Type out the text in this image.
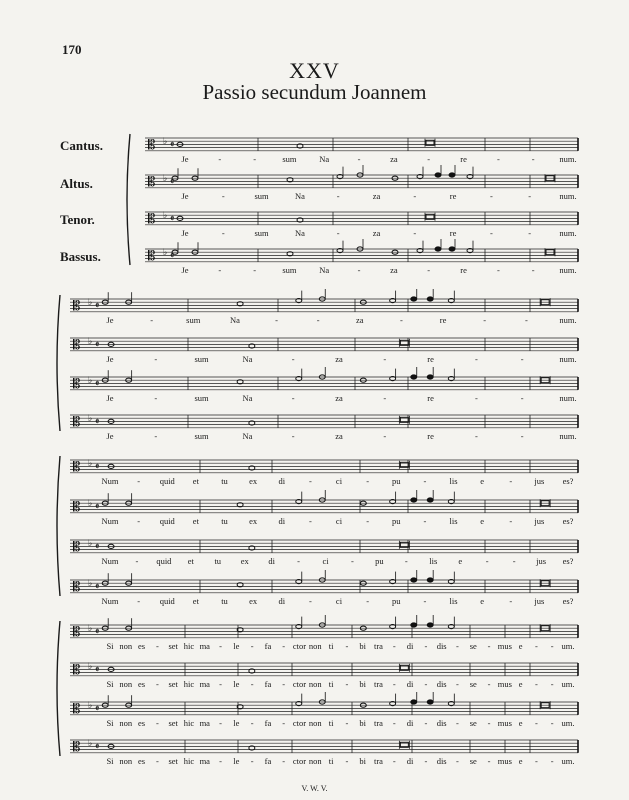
170
XXV
Passio secundum Joannem
Cantus.
Altus.
Tenor.
Bassus.
𝄡 ♭ 𝄵
Je	-	-	sum	Na	-	za	-	re	-	-	num.
𝄡 ♭ 𝄵
Je	-	sum	Na	-	za	-	re	-	-	num.
𝄡 ♭ 𝄵
Je	-	sum	Na	-	za	-	re	-	-	num.
𝄡 ♭ 𝄵
Je	-	-	sum	Na	-	za	-	re	-	-	num.
𝄡 ♭ 𝄵
Je	-	sum	Na	-	-	za	-	re	-	-	num.
𝄡 ♭ 𝄵
Je	-	sum	Na	-	za	-	re	-	-	num.
𝄡 ♭ 𝄵
Je	-	sum	Na	-	za	-	re	-	-	num.
𝄡 ♭ 𝄵
Je	-	sum	Na	-	za	-	re	-	-	num.
𝄡 ♭ 𝄵
Num - quid et	tu	ex	di	-	ci	-	pu	-	lis	e	-	jus es?
𝄡 ♭ 𝄵
Num - quid et	tu	ex	di	-	ci	-	pu	-	lis	e	-	jus es?
𝄡 ♭ 𝄵
Num - quid et tu ex di	-	ci	-	pu	-	lis e	-	- jus es?
𝄡 ♭ 𝄵
Num - quid et	tu	ex	di	-	ci	-	pu	-	lis	e	-	jus es?
𝄡 ♭ 𝄵
Si non es - set hic ma - le - fa - ctor non ti - bi tra - di - dis - se - mus e - - um.
𝄡 ♭ 𝄵
Si non es - set hic ma - le - fa - ctor non ti - bi tra - di - dis - se - mus e - - um.
𝄡 ♭ 𝄵
Si non es - set hic ma - le - fa - ctor non ti - bi tra - di - dis - se - mus e - - um.
𝄡 ♭ 𝄵
Si non es - set hic ma - le - fa - ctor non ti - bi tra - di - dis - se - mus e - - um.
V. W. V.
